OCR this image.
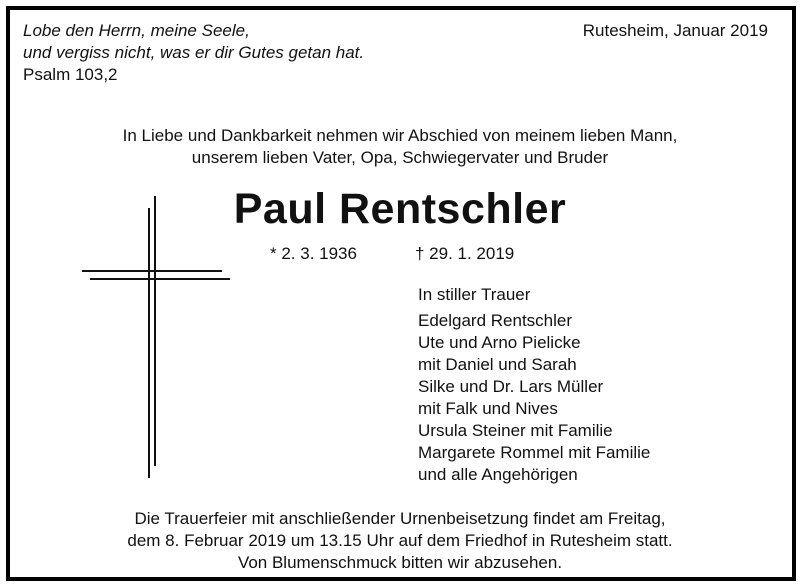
Lobe den Herrn, meine Seele,
und vergiss nicht, was er dir Gutes getan hat.
Psalm 103,2
Rutesheim, Januar 2019
In Liebe und Dankbarkeit nehmen wir Abschied von meinem lieben Mann,
unserem lieben Vater, Opa, Schwiegervater und Bruder
Paul Rentschler
* 2. 3. 1936	† 29. 1. 2019
In stiller Trauer
Edelgard Rentschler
Ute und Arno Pielicke
mit Daniel und Sarah
Silke und Dr. Lars Müller
mit Falk und Nives
Ursula Steiner mit Familie
Margarete Rommel mit Familie
und alle Angehörigen
Die Trauerfeier mit anschließender Urnenbeisetzung findet am Freitag,
dem 8. Februar 2019 um 13.15 Uhr auf dem Friedhof in Rutesheim statt.
Von Blumenschmuck bitten wir abzusehen.
